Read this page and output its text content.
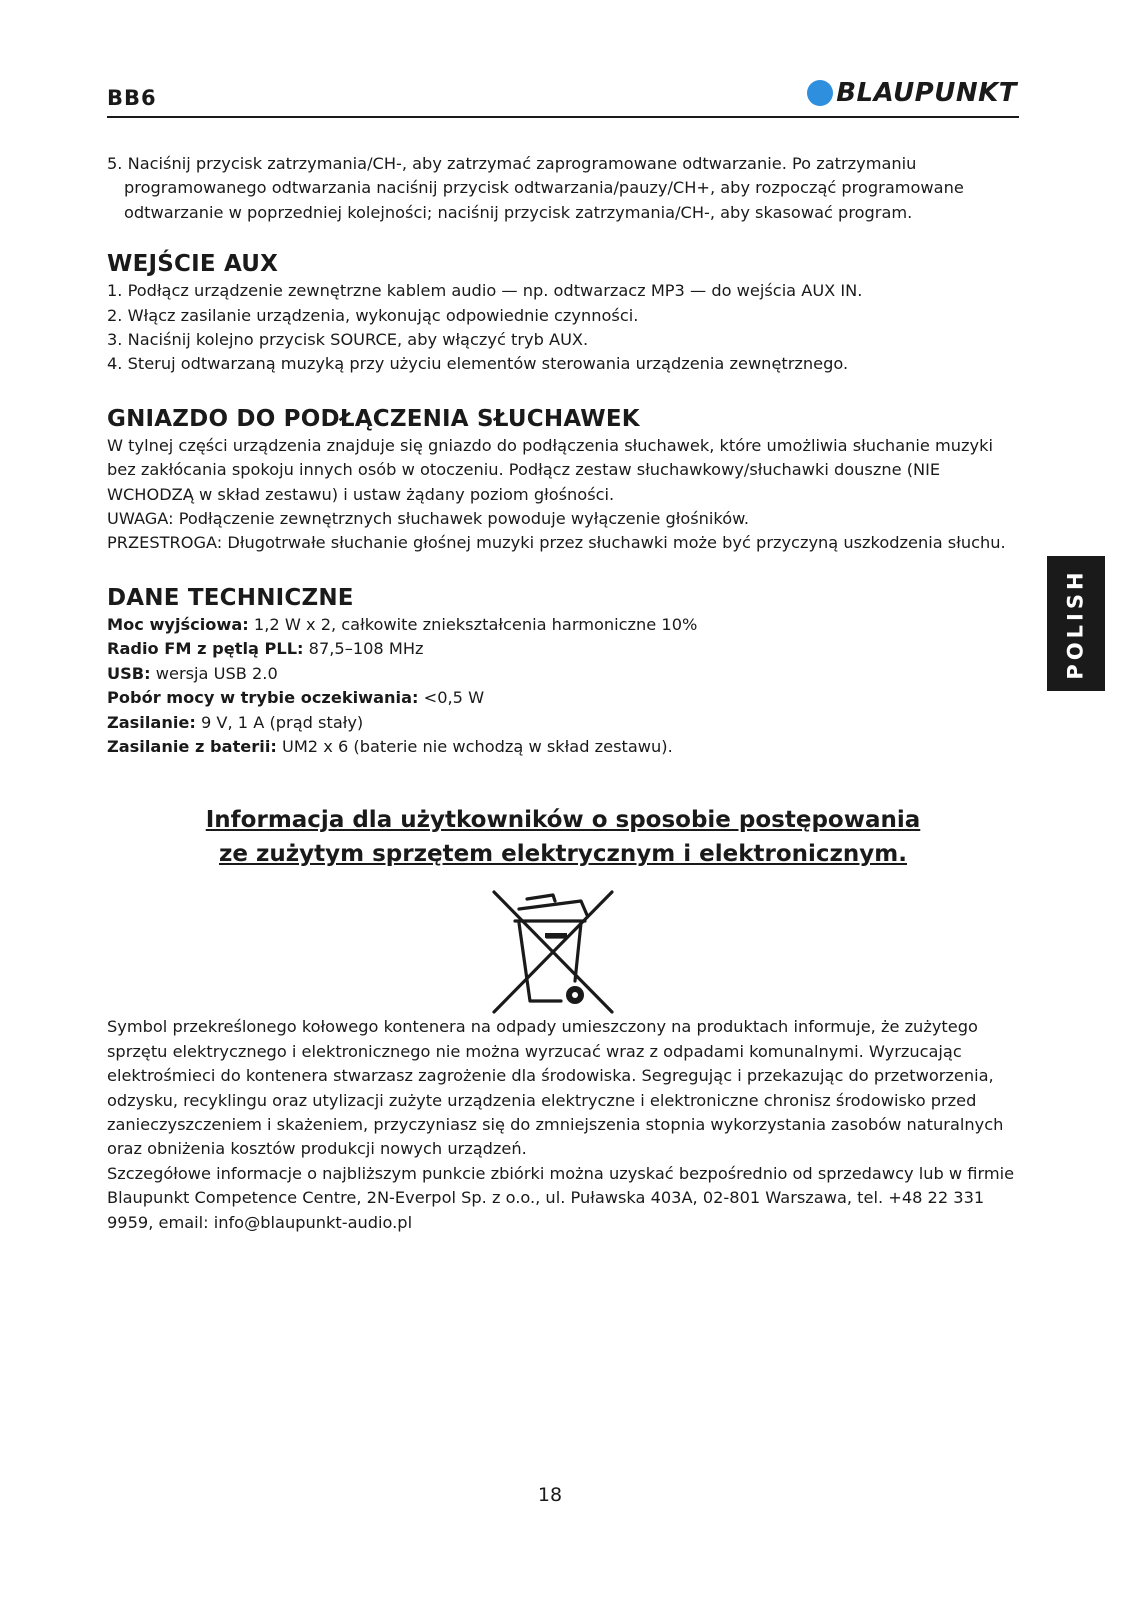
BB6	BLAUPUNKT

5. Naciśnij przycisk zatrzymania/CH-, aby zatrzymać zaprogramowane odtwarzanie. Po zatrzymaniu programowanego odtwarzania naciśnij przycisk odtwarzania/pauzy/CH+, aby rozpocząć programowane odtwarzanie w poprzedniej kolejności; naciśnij przycisk zatrzymania/CH-, aby skasować program.

WEJŚCIE AUX

1. Podłącz urządzenie zewnętrzne kablem audio — np. odtwarzacz MP3 — do wejścia AUX IN.

2. Włącz zasilanie urządzenia, wykonując odpowiednie czynności.

3. Naciśnij kolejno przycisk SOURCE, aby włączyć tryb AUX.

4. Steruj odtwarzaną muzyką przy użyciu elementów sterowania urządzenia zewnętrznego.

GNIAZDO DO PODŁĄCZENIA SŁUCHAWEK

W tylnej części urządzenia znajduje się gniazdo do podłączenia słuchawek, które umożliwia słuchanie muzyki bez zakłócania spokoju innych osób w otoczeniu. Podłącz zestaw słuchawkowy/słuchawki douszne (NIE WCHODZĄ w skład zestawu) i ustaw żądany poziom głośności.

UWAGA: Podłączenie zewnętrznych słuchawek powoduje wyłączenie głośników.

PRZESTROGA: Długotrwałe słuchanie głośnej muzyki przez słuchawki może być przyczyną uszkodzenia słuchu.

DANE TECHNICZNE

Moc wyjściowa: 1,2 W x 2, całkowite zniekształcenia harmoniczne 10%

Radio FM z pętlą PLL: 87,5–108 MHz

USB: wersja USB 2.0

Pobór mocy w trybie oczekiwania: <0,5 W

Zasilanie: 9 V, 1 A (prąd stały)

Zasilanie z baterii: UM2 x 6 (baterie nie wchodzą w skład zestawu).

Informacja dla użytkowników o sposobie postępowania
ze zużytym sprzętem elektrycznym i elektronicznym.

Symbol przekreślonego kołowego kontenera na odpady umieszczony na produktach informuje, że zużytego sprzętu elektrycznego i elektronicznego nie można wyrzucać wraz z odpadami komunalnymi. Wyrzucając elektrośmieci do kontenera stwarzasz zagrożenie dla środowiska. Segregując i przekazując do przetworzenia, odzysku, recyklingu oraz utylizacji zużyte urządzenia elektryczne i elektroniczne chronisz środowisko przed zanieczyszczeniem i skażeniem, przyczyniasz się do zmniejszenia stopnia wykorzystania zasobów naturalnych oraz obniżenia kosztów produkcji nowych urządzeń.

Szczegółowe informacje o najbliższym punkcie zbiórki można uzyskać bezpośrednio od sprzedawcy lub w firmie Blaupunkt Competence Centre, 2N-Everpol Sp. z o.o., ul. Puławska 403A, 02-801 Warszawa, tel. +48 22 331 9959, email: info@blaupunkt-audio.pl

POLISH
18
